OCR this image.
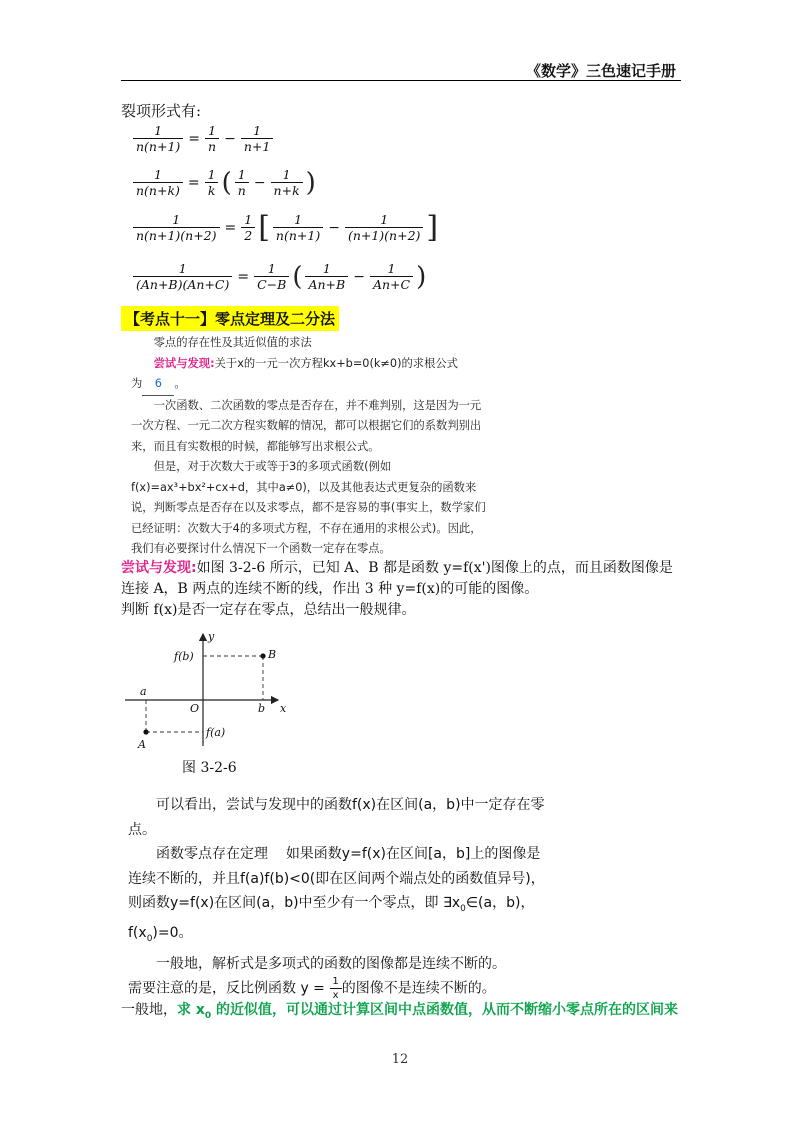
《数学》三色速记手册
裂项形式有:
$\frac{1}{n(n+1)} = \frac{1}{n} - \frac{1}{n+1}$
$\frac{1}{n(n+k)} = \frac{1}{k}$ ( $\frac{1}{n} - \frac{1}{n+k}$ )
$\frac{1}{n(n+1)(n+2)} = \frac{1}{2}$ [ $\frac{1}{n(n+1)} - \frac{1}{(n+1)(n+2)}$ ]
$\frac{1}{(An+B)(An+C)} = \frac{1}{C-B}$ ( $\frac{1}{An+B} - \frac{1}{An+C}$ )
【考点十一】零点定理及二分法

零点的存在性及其近似值的求法

尝试与发现:关于x的一元一次方程kx+b=0(k≠0)的求根公式

为 6 。

一次函数、二次函数的零点是否存在，并不难判别，这是因为一元一次方程、一元二次方程实数解的情况，都可以根据它们的系数判别出来，而且有实数根的时候，都能够写出求根公式。

但是，对于次数大于或等于3的多项式函数(例如f(x)=ax³+bx²+cx+d，其中a≠0)，以及其他表达式更复杂的函数来说，判断零点是否存在以及求零点，都不是容易的事(事实上，数学家们已经证明：次数大于4的多项式方程，不存在通用的求根公式)。因此，我们有必要探讨什么情况下一个函数一定存在零点。

尝试与发现:如图 3-2-6 所示，已知 A、B 都是函数 y=f(x')图像上的点，而且函数图像是连接 A，B 两点的连续不断的线，作出 3 种 y=f(x)的可能的图像。
判断 f(x)是否一定存在零点，总结出一般规律。
y
x
O
f(b)
f(a)
a
b
A
B
图 3-2-6

可以看出，尝试与发现中的函数f(x)在区间(a，b)中一定存在零点。

函数零点存在定理 如果函数y=f(x)在区间[a，b]上的图像是连续不断的，并且f(a)f(b)<0(即在区间两个端点处的函数值异号)，则函数y=f(x)在区间(a，b)中至少有一个零点，即 $\exists x_0\in(a$，b)，$f(x_0)=0$。

一般地，解析式是多项式的函数的图像都是连续不断的。

需要注意的是，反比例函数 $y = \frac{1}{x}$ 的图像不是连续不断的。

一般地，求 $x_0$ 的近似值，可以通过计算区间中点函数值，从而不断缩小零点所在的区间来
12
